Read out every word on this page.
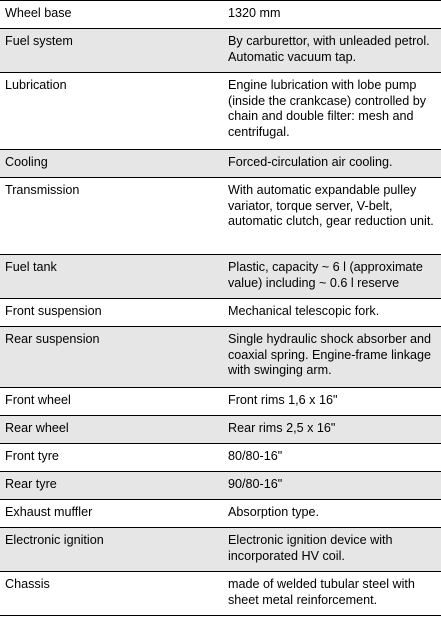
Wheel base	1320 mm
Fuel system	By carburettor, with unleaded petrol. Automatic vacuum tap.
Lubrication	Engine lubrication with lobe pump (inside the crankcase) controlled by chain and double filter: mesh and centrifugal.
Cooling	Forced-circulation air cooling.
Transmission	With automatic expandable pulley variator, torque server, V-belt, automatic clutch, gear reduction unit.
Fuel tank	Plastic, capacity ~ 6 l (approximate value) including ~ 0.6 l reserve
Front suspension	Mechanical telescopic fork.
Rear suspension	Single hydraulic shock absorber and coaxial spring. Engine-frame linkage with swinging arm.
Front wheel	Front rims 1,6 x 16"
Rear wheel	Rear rims 2,5 x 16"
Front tyre	80/80-16"
Rear tyre	90/80-16"
Exhaust muffler	Absorption type.
Electronic ignition	Electronic ignition device with incorporated HV coil.
Chassis	made of welded tubular steel with sheet metal reinforcement.
